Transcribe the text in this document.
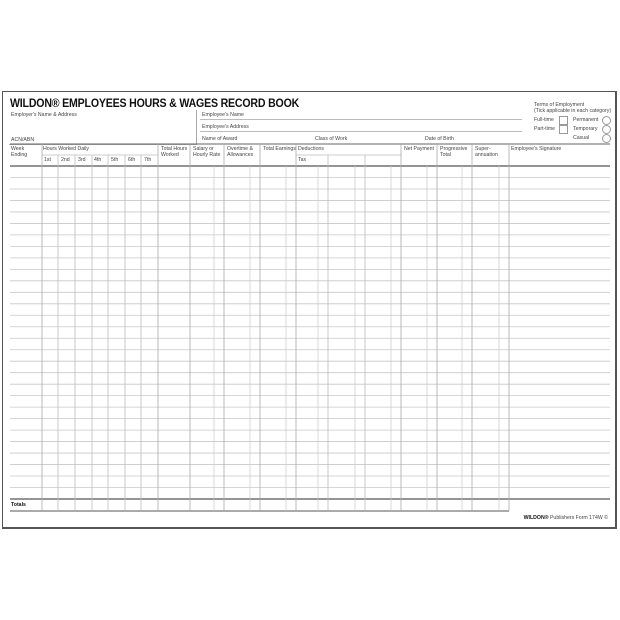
WILDON® EMPLOYEES HOURS & WAGES RECORD BOOK
Employer's Name & Address
ACN/ABN
Employee's Name
Employee's Address
Name of Award	Class of Work	Date of Birth
Terms of Employment
(Tick applicable in each category)
Full-time
Part-time
Permanent
Temporary
Casual
Week
Ending
Hours Worked Daily
1st 2nd 3rd 4th 5th 6th 7th
Total Hours
Worked
Salary or
Hourly Rate
Overtime &
Allowances
Total Earnings Deductions
Tax
Net Payment Progressive
Total
Super-
annuation
Employee's Signature
Totals
WILDON® Publishers Form 174W ©
